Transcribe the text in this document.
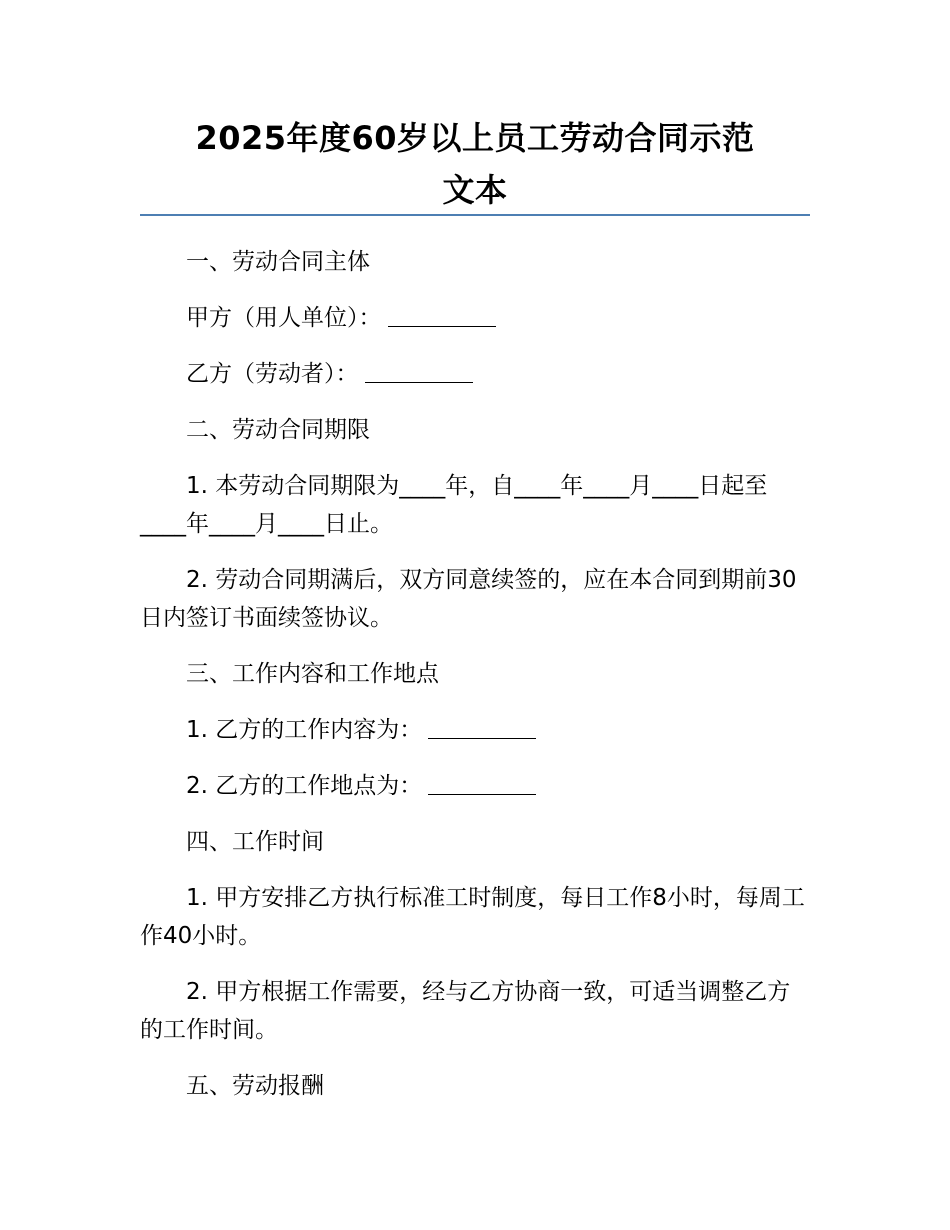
2025年度60岁以上员工劳动合同示范
文本

一、劳动合同主体

甲方（用人单位）：

乙方（劳动者）：

二、劳动合同期限

1. 本劳动合同期限为____年，自____年____月____日起至____年____月____日止。

2. 劳动合同期满后，双方同意续签的，应在本合同到期前30日内签订书面续签协议。

三、工作内容和工作地点

1. 乙方的工作内容为：

2. 乙方的工作地点为：

四、工作时间

1. 甲方安排乙方执行标准工时制度，每日工作8小时，每周工作40小时。

2. 甲方根据工作需要，经与乙方协商一致，可适当调整乙方的工作时间。

五、劳动报酬
